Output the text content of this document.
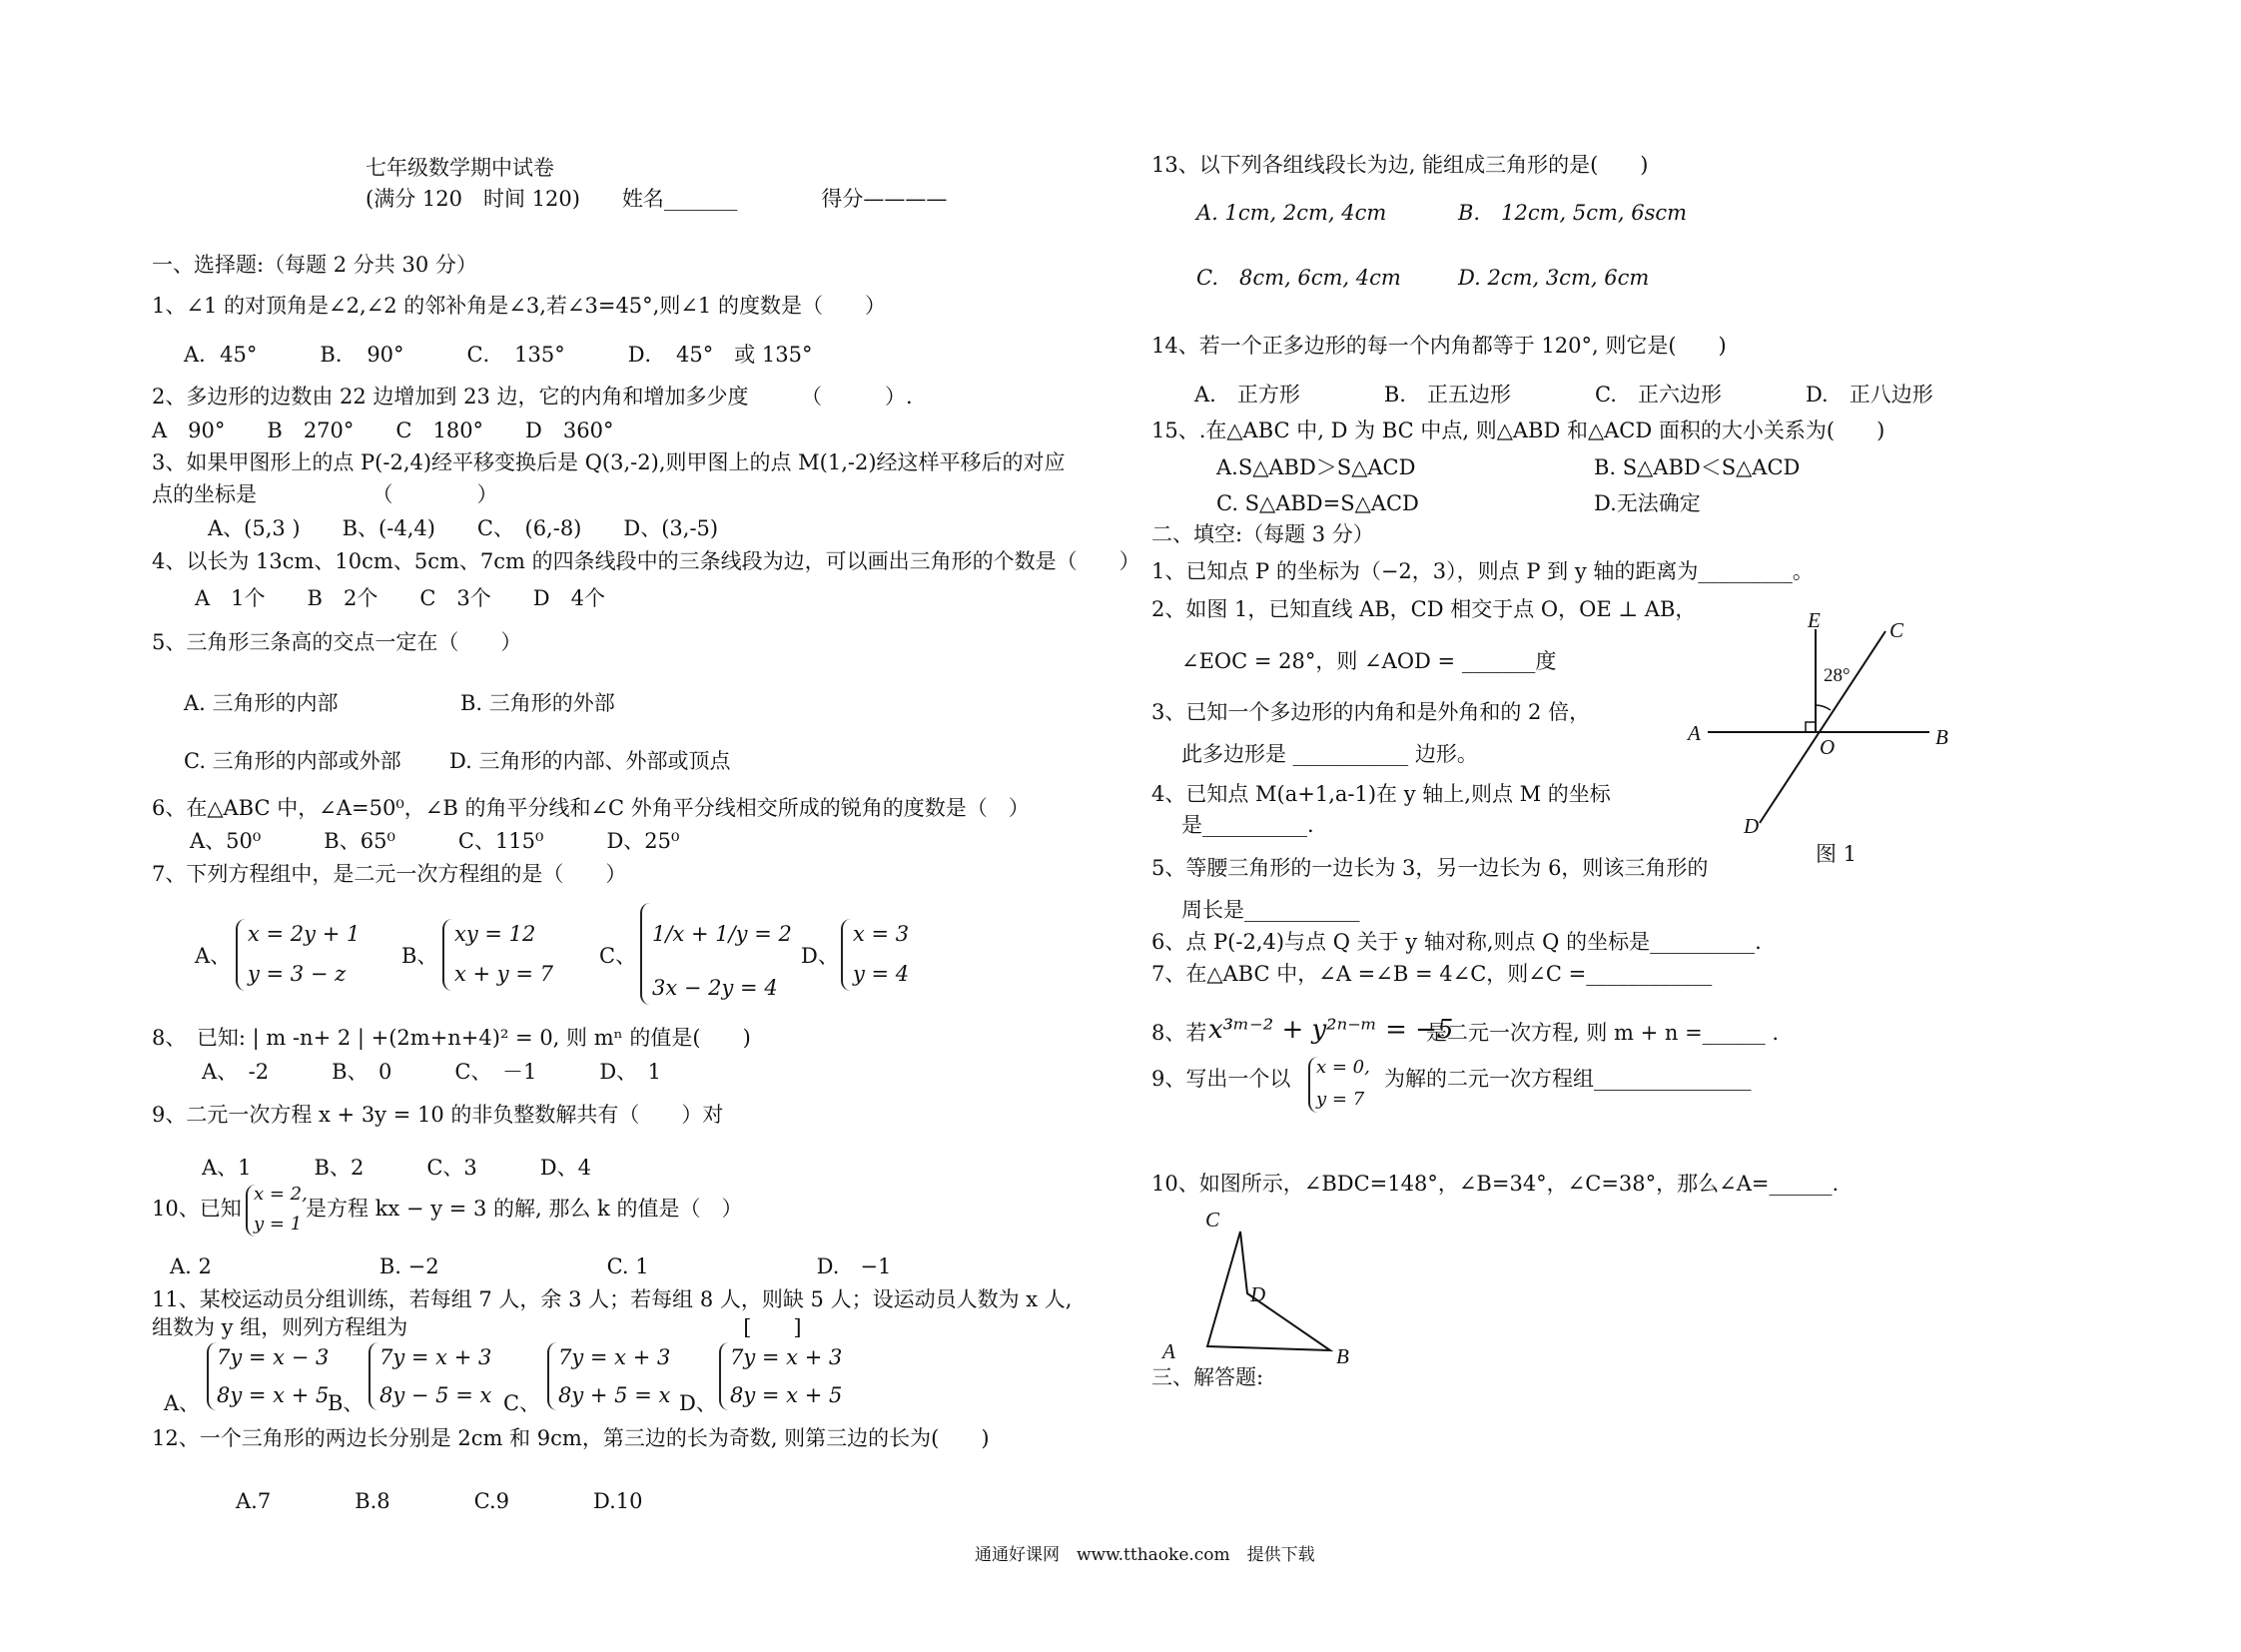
七年级数学期中试卷
(满分 120　时间 120)　　姓名_______　　　　得分————
一、选择题:（每题 2 分共 30 分）
1、∠1 的对顶角是∠2,∠2 的邻补角是∠3,若∠3=45°,则∠1 的度数是（　　）
A．45°　　　B．　90°　　　C．　135°　　　D．　45°　或 135°
2、多边形的边数由 22 边增加到 23 边，它的内角和增加多少度　　　（　　　）.
A　90°　　B　270°　　C　180°　　D　360°
3、如果甲图形上的点 P(-2,4)经平移变换后是 Q(3,-2),则甲图上的点 M(1,-2)经这样平移后的对应
点的坐标是　　　　　　（　　　　）
A、(5,3 )　　B、(-4,4)　　C、　(6,-8)　　D、(3,-5)
4、以长为 13cm、10cm、5cm、7cm 的四条线段中的三条线段为边，可以画出三角形的个数是（　　）
A　1个　　B　2个　　C　3个　　D　4个
5、三角形三条高的交点一定在（　　）
A. 三角形的内部	B. 三角形的外部
C. 三角形的内部或外部 D. 三角形的内部、外部或顶点
6、在△ABC 中，∠A=50⁰，∠B 的角平分线和∠C 外角平分线相交所成的锐角的度数是（　）
A、50⁰　　　B、65⁰　　　C、115⁰　　　D、25⁰
7、下列方程组中，是二元一次方程组的是（　　）
A、
x = 2y + 1
y = 3 − z
B、
xy = 12
x + y = 7
C、
1/x + 1/y = 2
3x − 2y = 4
D、
x = 3
y = 4
8、　已知: | m -n+ 2 | +(2m+n+4)² = 0, 则 mⁿ 的值是(　　)
A、　-2　　　B、　0　　　C、　－1　　　D、　1
9、二元一次方程 x + 3y = 10 的非负整数解共有（　　）对
A、1　　　B、2　　　C、3　　　D、4
10、已知
x = 2,
y = 1
是方程 kx − y = 3 的解, 那么 k 的值是（　）
A. 2　　　　　　　　B. −2　　　　　　　　C. 1　　　　　　　　D.　−1
11、某校运动员分组训练，若每组 7 人，余 3 人；若每组 8 人，则缺 5 人；设运动员人数为 x 人,
组数为 y 组，则列方程组为　　　　　　　　　　　　　　　　[　　]
A、
7y = x − 3
8y = x + 5
B、
7y = x + 3
8y − 5 = x C、
7y = x + 3
8y + 5 = x D、
7y = x + 3
8y = x + 5
12、一个三角形的两边长分别是 2cm 和 9cm，第三边的长为奇数, 则第三边的长为(　　)
A.7　　　　B.8　　　　C.9　　　　D.10
13、以下列各组线段长为边, 能组成三角形的是(　　)
A. 1cm, 2cm, 4cm	B.　12cm, 5cm, 6scm
C.　8cm, 6cm, 4cm	D. 2cm, 3cm, 6cm
14、若一个正多边形的每一个内角都等于 120°, 则它是(　　)
A.　正方形　　　　B.　正五边形　　　　C.　正六边形　　　　D.　正八边形
15、.在△ABC 中, D 为 BC 中点, 则△ABD 和△ACD 面积的大小关系为(　　)
A.S△ABD＞S△ACD	B. S△ABD＜S△ACD
C. S△ABD=S△ACD	D.无法确定
二、填空:（每题 3 分）
1、已知点 P 的坐标为（−2，3），则点 P 到 y 轴的距离为_________。
2、如图 1，已知直线 AB，CD 相交于点 O，OE ⊥ AB，
∠EOC = 28°，则 ∠AOD = _______度
3、已知一个多边形的内角和是外角和的 2 倍，
此多边形是 ___________ 边形。
4、已知点 M(a+1,a-1)在 y 轴上,则点 M 的坐标
是__________.
5、等腰三角形的一边长为 3，另一边长为 6，则该三角形的
周长是___________
6、点 P(-2,4)与点 Q 关于 y 轴对称,则点 Q 的坐标是__________.
7、在△ABC 中，∠A =∠B = 4∠C，则∠C =____________
8、若 x³ᵐ⁻² + y²ⁿ⁻ᵐ = −5
是二元一次方程, 则 m + n =______ .
9、写出一个以 x = 0,
y = 7
为解的二元一次方程组_______________
10、如图所示，∠BDC=148°，∠B=34°，∠C=38°，那么∠A=______.
三、解答题:
E	C
A
O	B
D
28°
图 1
C
D
A	B
通通好课网　www.tthaoke.com　提供下载
